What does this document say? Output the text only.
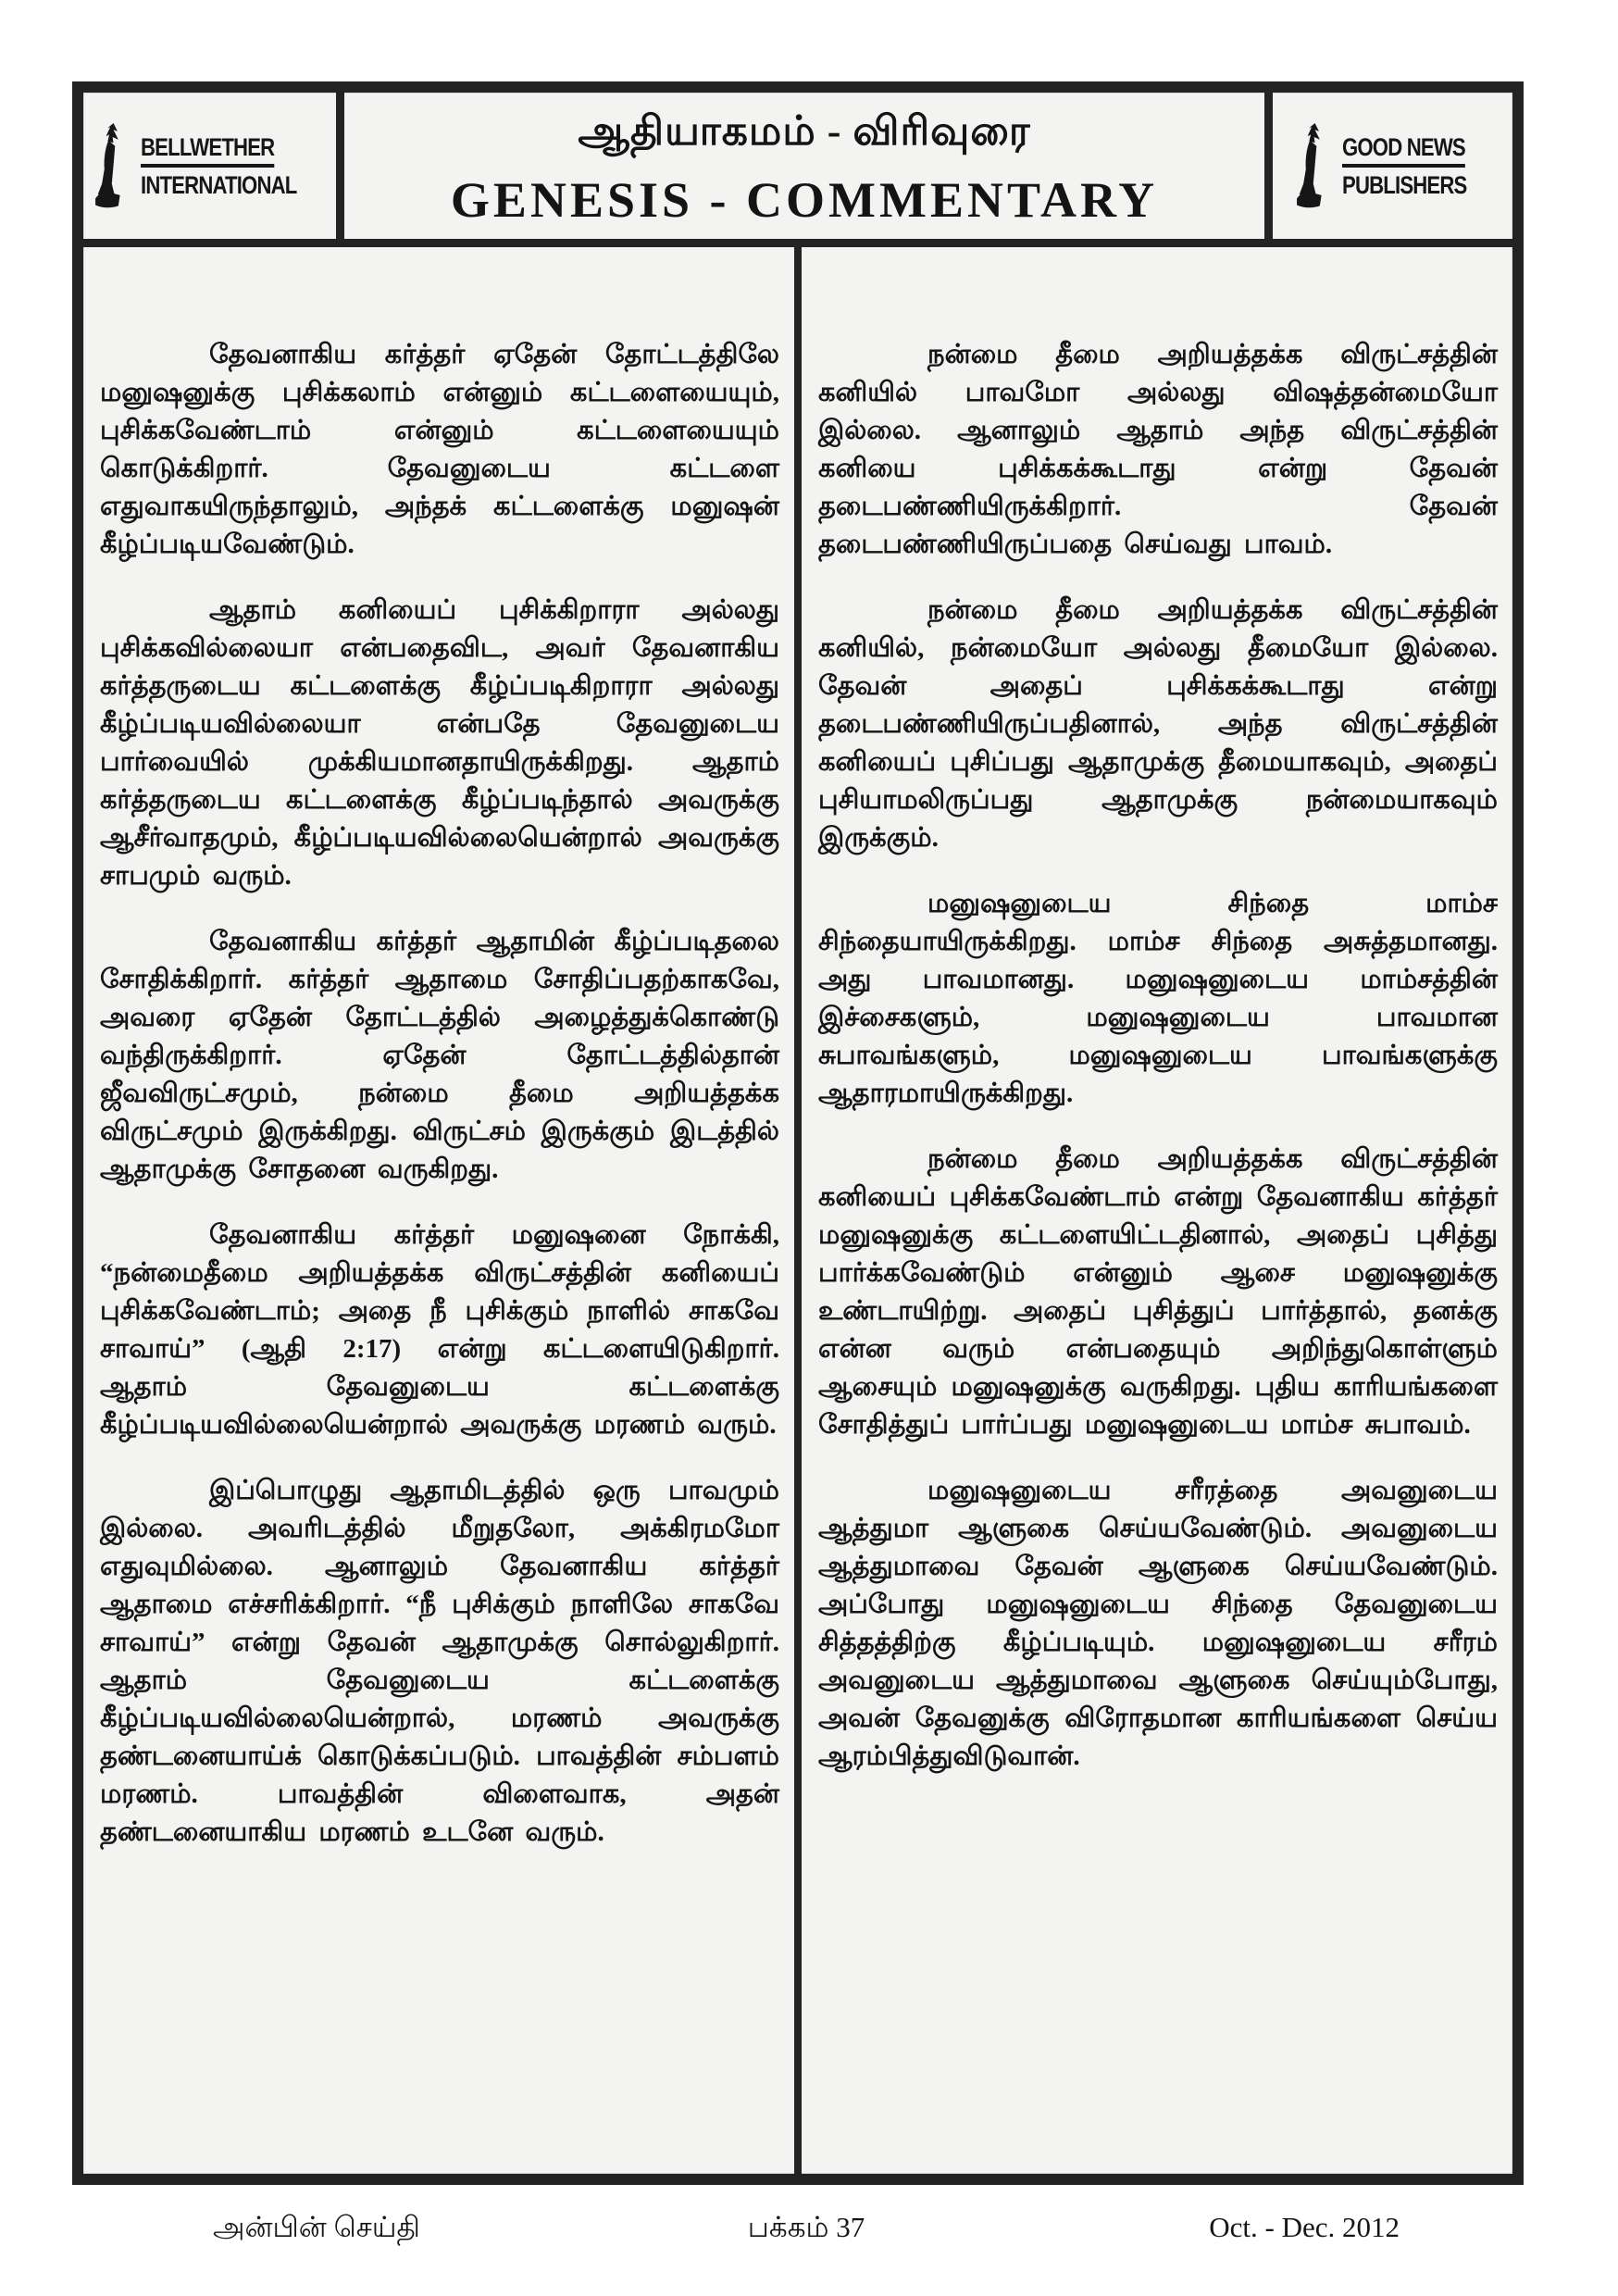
BELLWETHER
INTERNATIONAL
ஆதியாகமம் - விரிவுரை
GENESIS - COMMENTARY
GOOD NEWS
PUBLISHERS

தேவனாகிய கர்த்தர் ஏதேன் தோட்டத்திலே மனுஷனுக்கு புசிக்கலாம் என்னும் கட்டளையையும், புசிக்கவேண்டாம் என்னும் கட்டளையையும் கொடுக்கிறார். தேவனுடைய கட்டளை எதுவாகயிருந்தாலும், அந்தக் கட்டளைக்கு மனுஷன் கீழ்ப்படியவேண்டும்.

ஆதாம் கனியைப் புசிக்கிறாரா அல்லது புசிக்கவில்லையா என்பதைவிட, அவர் தேவனாகிய கர்த்தருடைய கட்டளைக்கு கீழ்ப்படிகிறாரா அல்லது கீழ்ப்படியவில்லையா என்பதே தேவனுடைய பார்வையில் முக்கியமானதாயிருக்கிறது. ஆதாம் கர்த்தருடைய கட்டளைக்கு கீழ்ப்படிந்தால் அவருக்கு ஆசீர்வாதமும், கீழ்ப்படியவில்லையென்றால் அவருக்கு சாபமும் வரும்.

தேவனாகிய கர்த்தர் ஆதாமின் கீழ்ப்படிதலை சோதிக்கிறார். கர்த்தர் ஆதாமை சோதிப்பதற்காகவே, அவரை ஏதேன் தோட்டத்தில் அழைத்துக்கொண்டு வந்திருக்கிறார். ஏதேன் தோட்டத்தில்தான் ஜீவவிருட்சமும், நன்மை தீமை அறியத்தக்க விருட்சமும் இருக்கிறது. விருட்சம் இருக்கும் இடத்தில் ஆதாமுக்கு சோதனை வருகிறது.

தேவனாகிய கர்த்தர் மனுஷனை நோக்கி, “நன்மைதீமை அறியத்தக்க விருட்சத்தின் கனியைப் புசிக்கவேண்டாம்; அதை நீ புசிக்கும் நாளில் சாகவே சாவாய்” (ஆதி 2:17) என்று கட்டளையிடுகிறார். ஆதாம் தேவனுடைய கட்டளைக்கு கீழ்ப்படியவில்லையென்றால் அவருக்கு மரணம் வரும்.

இப்பொழுது ஆதாமிடத்தில் ஒரு பாவமும் இல்லை. அவரிடத்தில் மீறுதலோ, அக்கிரமமோ எதுவுமில்லை. ஆனாலும் தேவனாகிய கர்த்தர் ஆதாமை எச்சரிக்கிறார். “நீ புசிக்கும் நாளிலே சாகவே சாவாய்” என்று தேவன் ஆதாமுக்கு சொல்லுகிறார். ஆதாம் தேவனுடைய கட்டளைக்கு கீழ்ப்படியவில்லையென்றால், மரணம் அவருக்கு தண்டனையாய்க் கொடுக்கப்படும். பாவத்தின் சம்பளம் மரணம். பாவத்தின் விளைவாக, அதன் தண்டனையாகிய மரணம் உடனே வரும்.

நன்மை தீமை அறியத்தக்க விருட்சத்தின் கனியில் பாவமோ அல்லது விஷத்தன்மையோ இல்லை. ஆனாலும் ஆதாம் அந்த விருட்சத்தின் கனியை புசிக்கக்கூடாது என்று தேவன் தடைபண்ணியிருக்கிறார். தேவன் தடைபண்ணியிருப்பதை செய்வது பாவம்.

நன்மை தீமை அறியத்தக்க விருட்சத்தின் கனியில், நன்மையோ அல்லது தீமையோ இல்லை. தேவன் அதைப் புசிக்கக்கூடாது என்று தடைபண்ணியிருப்பதினால், அந்த விருட்சத்தின் கனியைப் புசிப்பது ஆதாமுக்கு தீமையாகவும், அதைப் புசியாமலிருப்பது ஆதாமுக்கு நன்மையாகவும் இருக்கும்.

மனுஷனுடைய சிந்தை மாம்ச சிந்தையாயிருக்கிறது. மாம்ச சிந்தை அசுத்தமானது. அது பாவமானது. மனுஷனுடைய மாம்சத்தின் இச்சைகளும், மனுஷனுடைய பாவமான சுபாவங்களும், மனுஷனுடைய பாவங்களுக்கு ஆதாரமாயிருக்கிறது.

நன்மை தீமை அறியத்தக்க விருட்சத்தின் கனியைப் புசிக்கவேண்டாம் என்று தேவனாகிய கர்த்தர் மனுஷனுக்கு கட்டளையிட்டதினால், அதைப் புசித்து பார்க்கவேண்டும் என்னும் ஆசை மனுஷனுக்கு உண்டாயிற்று. அதைப் புசித்துப் பார்த்தால், தனக்கு என்ன வரும் என்பதையும் அறிந்துகொள்ளும் ஆசையும் மனுஷனுக்கு வருகிறது. புதிய காரியங்களை சோதித்துப் பார்ப்பது மனுஷனுடைய மாம்ச சுபாவம்.

மனுஷனுடைய சரீரத்தை அவனுடைய ஆத்துமா ஆளுகை செய்யவேண்டும். அவனுடைய ஆத்துமாவை தேவன் ஆளுகை செய்யவேண்டும். அப்போது மனுஷனுடைய சிந்தை தேவனுடைய சித்தத்திற்கு கீழ்ப்படியும். மனுஷனுடைய சரீரம் அவனுடைய ஆத்துமாவை ஆளுகை செய்யும்போது, அவன் தேவனுக்கு விரோதமான காரியங்களை செய்ய ஆரம்பித்துவிடுவான்.

அன்பின் செய்தி	பக்கம் 37	Oct. - Dec. 2012
